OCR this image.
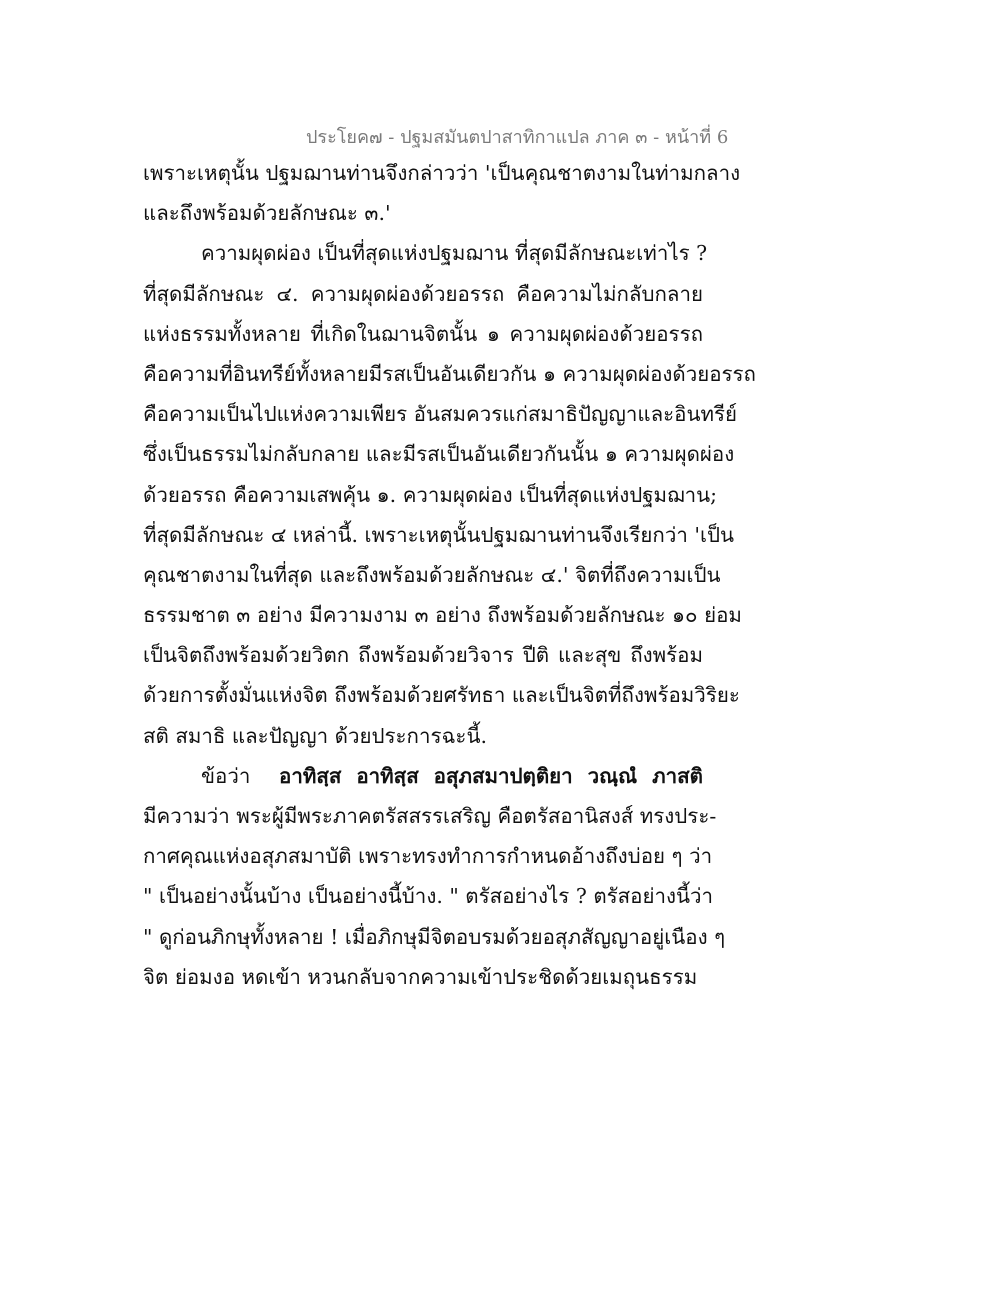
ประโยค๗ - ปฐมสมันตปาสาทิกาแปล ภาค ๓ - หน้าที่ 6
เพราะเหตุนั้น ปฐมฌานท่านจึงกล่าวว่า 'เป็นคุณชาตงามในท่ามกลาง
และถึงพร้อมด้วยลักษณะ ๓.'
ความผุดผ่อง เป็นที่สุดแห่งปฐมฌาน ที่สุดมีลักษณะเท่าไร ?
ที่สุดมีลักษณะ ๔. ความผุดผ่องด้วยอรรถ คือความไม่กลับกลาย
แห่งธรรมทั้งหลาย ที่เกิดในฌานจิตนั้น ๑ ความผุดผ่องด้วยอรรถ
คือความที่อินทรีย์ทั้งหลายมีรสเป็นอันเดียวกัน ๑ ความผุดผ่องด้วยอรรถ
คือความเป็นไปแห่งความเพียร อันสมควรแก่สมาธิปัญญาและอินทรีย์
ซึ่งเป็นธรรมไม่กลับกลาย และมีรสเป็นอันเดียวกันนั้น ๑ ความผุดผ่อง
ด้วยอรรถ คือความเสพคุ้น ๑. ความผุดผ่อง เป็นที่สุดแห่งปฐมฌาน;
ที่สุดมีลักษณะ ๔ เหล่านี้. เพราะเหตุนั้นปฐมฌานท่านจึงเรียกว่า 'เป็น
คุณชาตงามในที่สุด และถึงพร้อมด้วยลักษณะ ๔.' จิตที่ถึงความเป็น
ธรรมชาต ๓ อย่าง มีความงาม ๓ อย่าง ถึงพร้อมด้วยลักษณะ ๑๐ ย่อม
เป็นจิตถึงพร้อมด้วยวิตก ถึงพร้อมด้วยวิจาร ปีติ และสุข ถึงพร้อม
ด้วยการตั้งมั่นแห่งจิต ถึงพร้อมด้วยศรัทธา และเป็นจิตที่ถึงพร้อมวิริยะ
สติ สมาธิ และปัญญา ด้วยประการฉะนี้.
ข้อว่า อาทิสฺส อาทิสฺส อสุภสมาปตฺติยา วณฺณํ ภาสติ
มีความว่า พระผู้มีพระภาคตรัสสรรเสริญ คือตรัสอานิสงส์ ทรงประ-
กาศคุณแห่งอสุภสมาบัติ เพราะทรงทำการกำหนดอ้างถึงบ่อย ๆ ว่า
" เป็นอย่างนั้นบ้าง เป็นอย่างนี้บ้าง. " ตรัสอย่างไร ? ตรัสอย่างนี้ว่า
" ดูก่อนภิกษุทั้งหลาย ! เมื่อภิกษุมีจิตอบรมด้วยอสุภสัญญาอยู่เนือง ๆ
จิต ย่อมงอ หดเข้า หวนกลับจากความเข้าประชิดด้วยเมถุนธรรม
